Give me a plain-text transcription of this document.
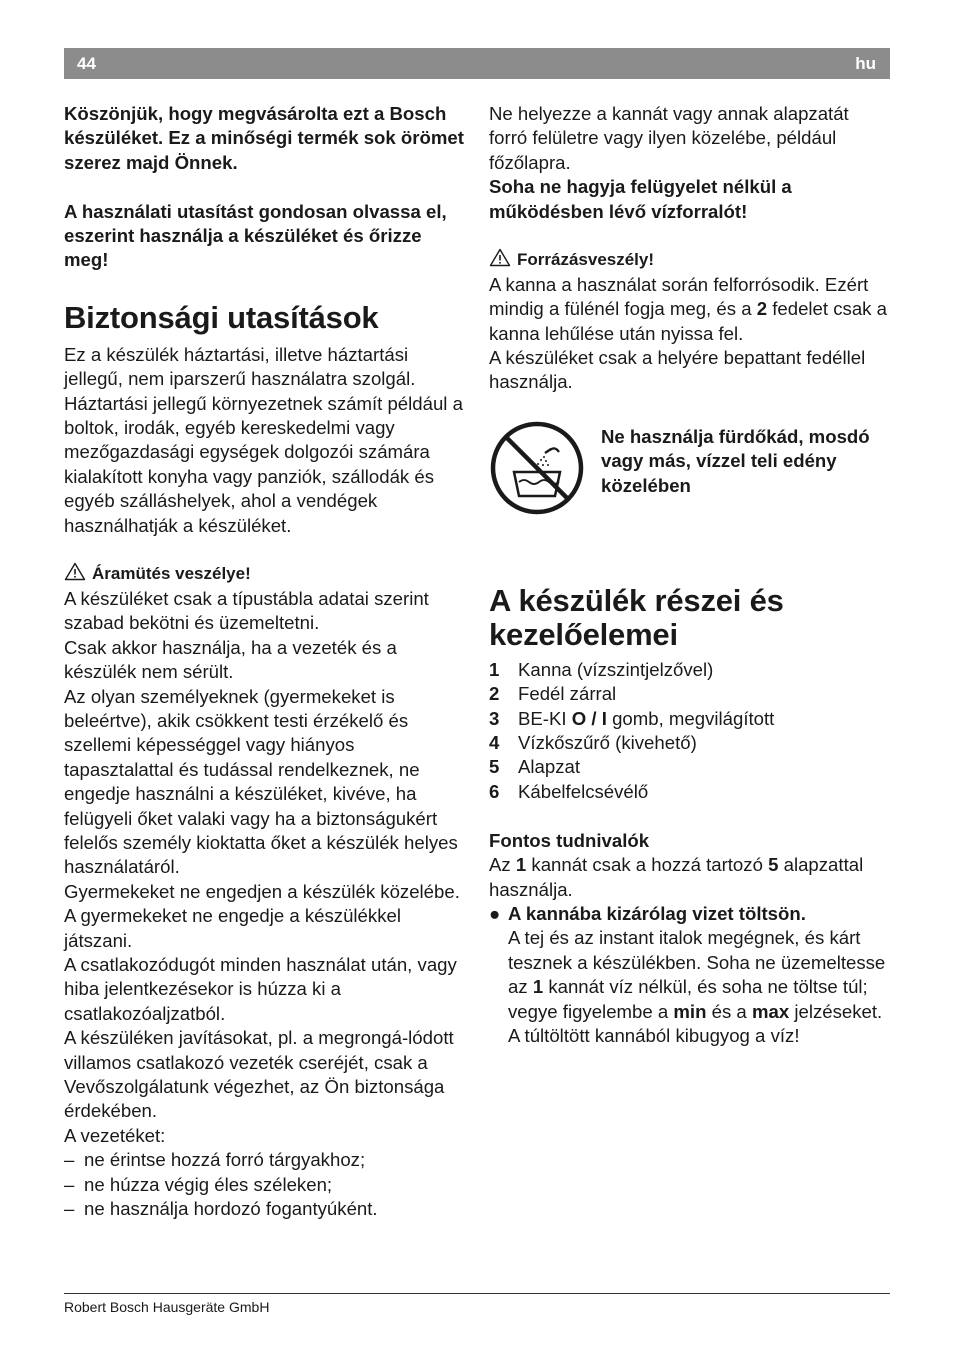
44	hu

Köszönjük, hogy megvásárolta ezt a Bosch készüléket. Ez a minőségi termék sok örömet szerez majd Önnek.

A használati utasítást gondosan olvassa el, eszerint használja a készüléket és őrizze meg!

Biztonsági utasítások

Ez a készülék háztartási, illetve háztartási jellegű, nem iparszerű használatra szolgál. Háztartási jellegű környezetnek számít például a boltok, irodák, egyéb kereskedelmi vagy mezőgazdasági egységek dolgozói számára kialakított konyha vagy panziók, szállodák és egyéb szálláshelyek, ahol a vendégek használhatják a készüléket.

Áramütés veszélye!

A készüléket csak a típustábla adatai szerint szabad bekötni és üzemeltetni.

Csak akkor használja, ha a vezeték és a készülék nem sérült.

Az olyan személyeknek (gyermekeket is beleértve), akik csökkent testi érzékelő és szellemi képességgel vagy hiányos tapasztalattal és tudással rendelkeznek, ne engedje használni a készüléket, kivéve, ha felügyeli őket valaki vagy ha a biztonságukért felelős személy kioktatta őket a készülék helyes használatáról.

Gyermekeket ne engedjen a készülék közelébe. A gyermekeket ne engedje a készülékkel játszani.

A csatlakozódugót minden használat után, vagy hiba jelentkezésekor is húzza ki a csatlakozóaljzatból.

A készüléken javításokat, pl. a megrongá-lódott villamos csatlakozó vezeték cseréjét, csak a Vevőszolgálatunk végezhet, az Ön biztonsága érdekében.

A vezetéket:

– ne érintse hozzá forró tárgyakhoz;
– ne húzza végig éles széleken;
– ne használja hordozó fogantyúként.

Ne helyezze a kannát vagy annak alapzatát forró felületre vagy ilyen közelébe, például főzőlapra.

Soha ne hagyja felügyelet nélkül a működésben lévő vízforralót!

Forrázásveszély!

A kanna a használat során felforrósodik. Ezért mindig a fülénél fogja meg, és a 2 fedelet csak a kanna lehűlése után nyissa fel.

A készüléket csak a helyére bepattant fedéllel használja.

Ne használja fürdőkád, mosdó vagy más, vízzel teli edény közelében
A készülék részei és kezelőelemei
1	Kanna (vízszintjelzővel)
2	Fedél zárral
3	BE-KI O / I gomb, megvilágított
4	Vízkőszűrő (kivehető)
5	Alapzat
6	Kábelfelcsévélő

Fontos tudnivalók

Az 1 kannát csak a hozzá tartozó 5 alapzattal használja.

● A kannába kizárólag vizet töltsön.

A tej és az instant italok megégnek, és kárt tesznek a készülékben. Soha ne üzemeltesse az 1 kannát víz nélkül, és soha ne töltse túl; vegye figyelembe a min és a max jelzéseket. A túltöltött kannából kibugyog a víz!

Robert Bosch Hausgeräte GmbH
